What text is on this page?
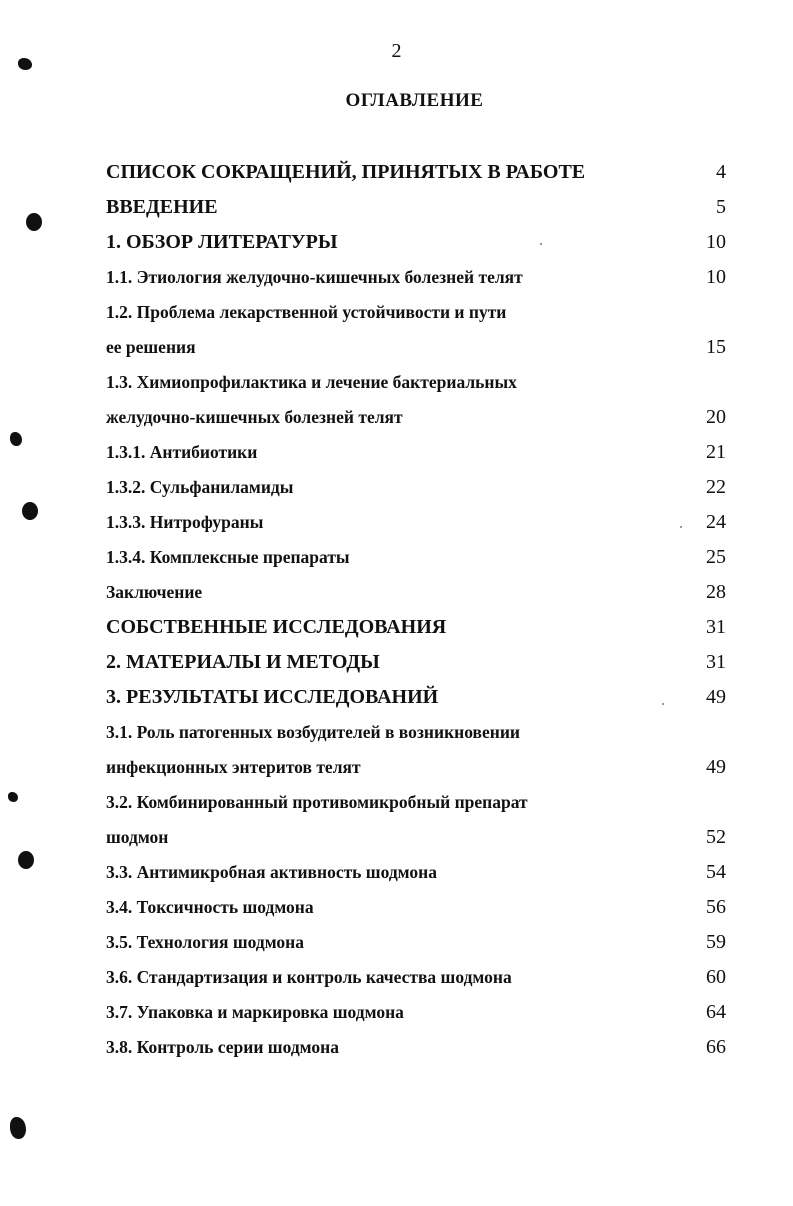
2
ОГЛАВЛЕНИЕ
СПИСОК СОКРАЩЕНИЙ, ПРИНЯТЫХ В РАБОТЕ	4
ВВЕДЕНИЕ	5
1. ОБЗОР ЛИТЕРАТУРЫ	10
1.1. Этиология желудочно-кишечных болезней телят	10
1.2. Проблема лекарственной устойчивости и пути
ее решения	15
1.3. Химиопрофилактика и лечение бактериальных
желудочно-кишечных болезней телят	20
1.3.1. Антибиотики	21
1.3.2. Сульфаниламиды	22
1.3.3. Нитрофураны	24
1.3.4. Комплексные препараты	25
Заключение	28
СОБСТВЕННЫЕ ИССЛЕДОВАНИЯ	31
2. МАТЕРИАЛЫ И МЕТОДЫ	31
3. РЕЗУЛЬТАТЫ ИССЛЕДОВАНИЙ	49
3.1. Роль патогенных возбудителей в возникновении
инфекционных энтеритов телят	49
3.2. Комбинированный противомикробный препарат
шодмон	52
3.3. Антимикробная активность шодмона	54
3.4. Токсичность шодмона	56
3.5. Технология шодмона	59
3.6. Стандартизация и контроль качества шодмона	60
3.7. Упаковка и маркировка шодмона	64
3.8. Контроль серии шодмона	66
